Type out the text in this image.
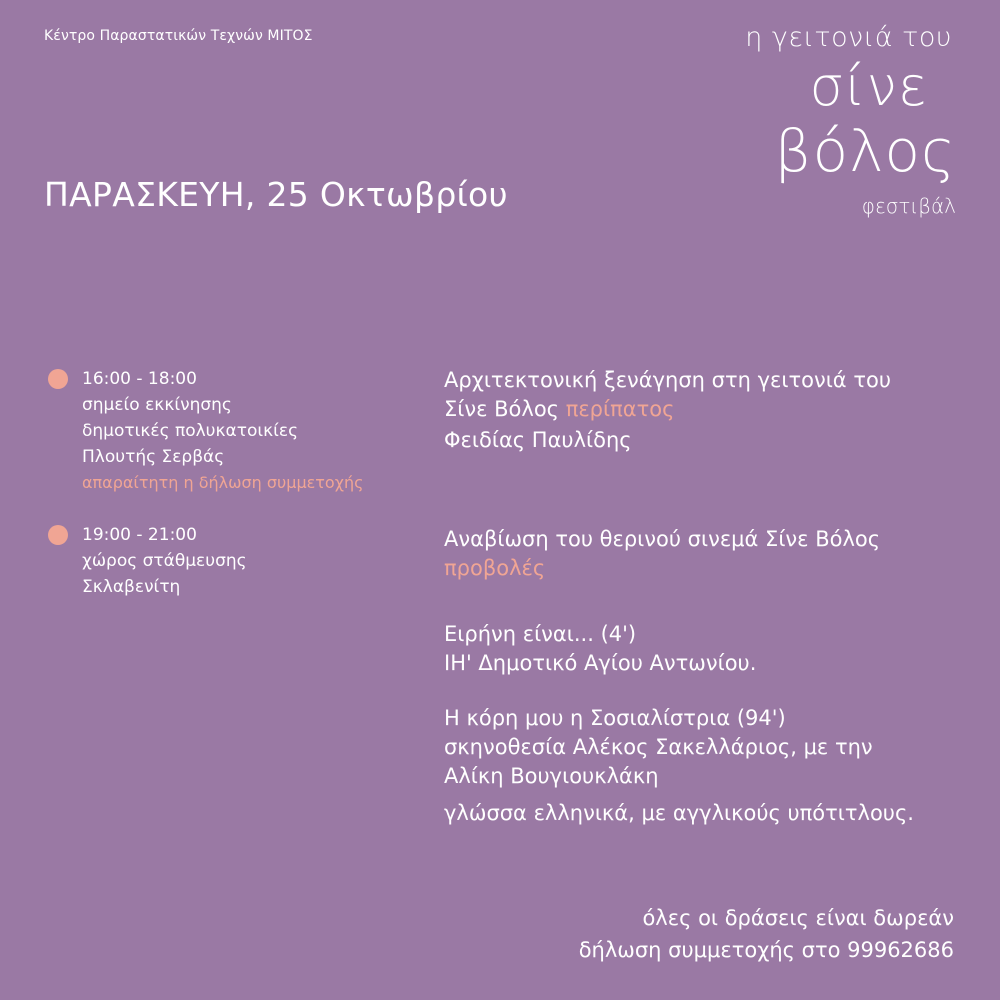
Κέντρο Παραστατικών Τεχνών ΜΙΤΟΣ	η γειτονιά του
σίνε
βόλος
φεστιβάλ
ΠΑΡΑΣΚΕΥΗ, 25 Οκτωβρίου
16:00 - 18:00
σημείο εκκίνησης
δημοτικές πολυκατοικίες
Πλουτής Σερβάς
απαραίτητη η δήλωση συμμετοχής
Αρχιτεκτονική ξενάγηση στη γειτονιά του
Σίνε Βόλος περίπατος
Φειδίας Παυλίδης
19:00 - 21:00
χώρος στάθμευσης
Σκλαβενίτη
Αναβίωση του θερινού σινεμά Σίνε Βόλος
προβολές
Ειρήνη είναι... (4')
ΙΗ' Δημοτικό Αγίου Αντωνίου.
Η κόρη μου η Σοσιαλίστρια (94')
σκηνοθεσία Αλέκος Σακελλάριος, με την
Αλίκη Βουγιουκλάκη
γλώσσα ελληνικά, με αγγλικούς υπότιτλους.
όλες οι δράσεις είναι δωρεάν
δήλωση συμμετοχής στο 99962686
